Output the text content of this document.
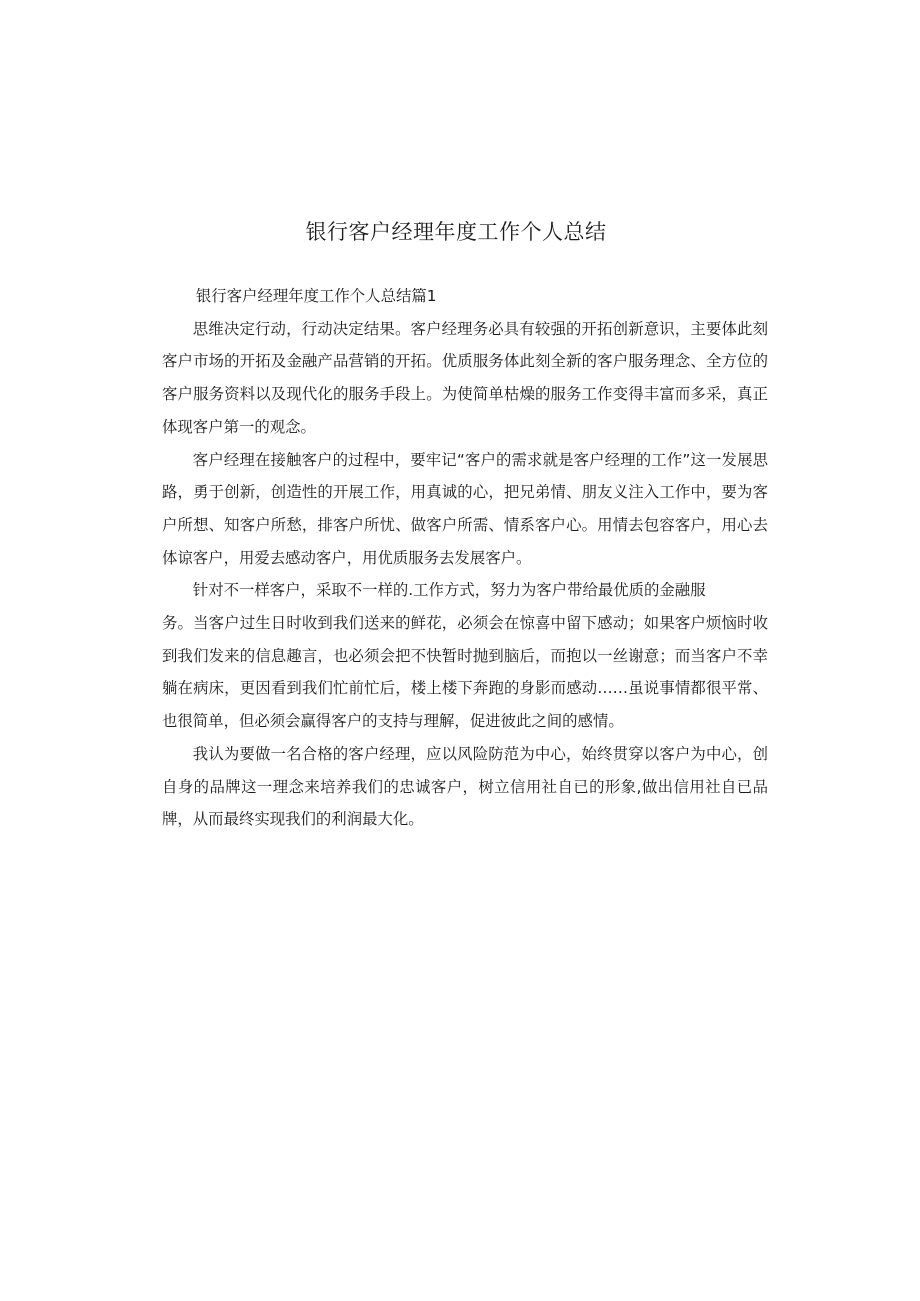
银行客户经理年度工作个人总结

银行客户经理年度工作个人总结篇1

思维决定行动，行动决定结果。客户经理务必具有较强的开拓创新意识，主要体此刻客户市场的开拓及金融产品营销的开拓。优质服务体此刻全新的客户服务理念、全方位的客户服务资料以及现代化的服务手段上。为使简单枯燥的服务工作变得丰富而多采，真正体现客户第一的观念。

客户经理在接触客户的过程中，要牢记“客户的需求就是客户经理的工作”这一发展思路，勇于创新，创造性的开展工作，用真诚的心，把兄弟情、朋友义注入工作中，要为客户所想、知客户所愁，排客户所忧、做客户所需、情系客户心。用情去包容客户，用心去体谅客户，用爱去感动客户，用优质服务去发展客户。

针对不一样客户，采取不一样的.工作方式，努力为客户带给最优质的金融服

务。当客户过生日时收到我们送来的鲜花，必须会在惊喜中留下感动；如果客户烦恼时收到我们发来的信息趣言，也必须会把不快暂时抛到脑后，而抱以一丝谢意；而当客户不幸躺在病床，更因看到我们忙前忙后，楼上楼下奔跑的身影而感动……虽说事情都很平常、也很简单，但必须会赢得客户的支持与理解，促进彼此之间的感情。

我认为要做一名合格的客户经理，应以风险防范为中心，始终贯穿以客户为中心，创自身的品牌这一理念来培养我们的忠诚客户，树立信用社自已的形象,做出信用社自已品牌，从而最终实现我们的利润最大化。
